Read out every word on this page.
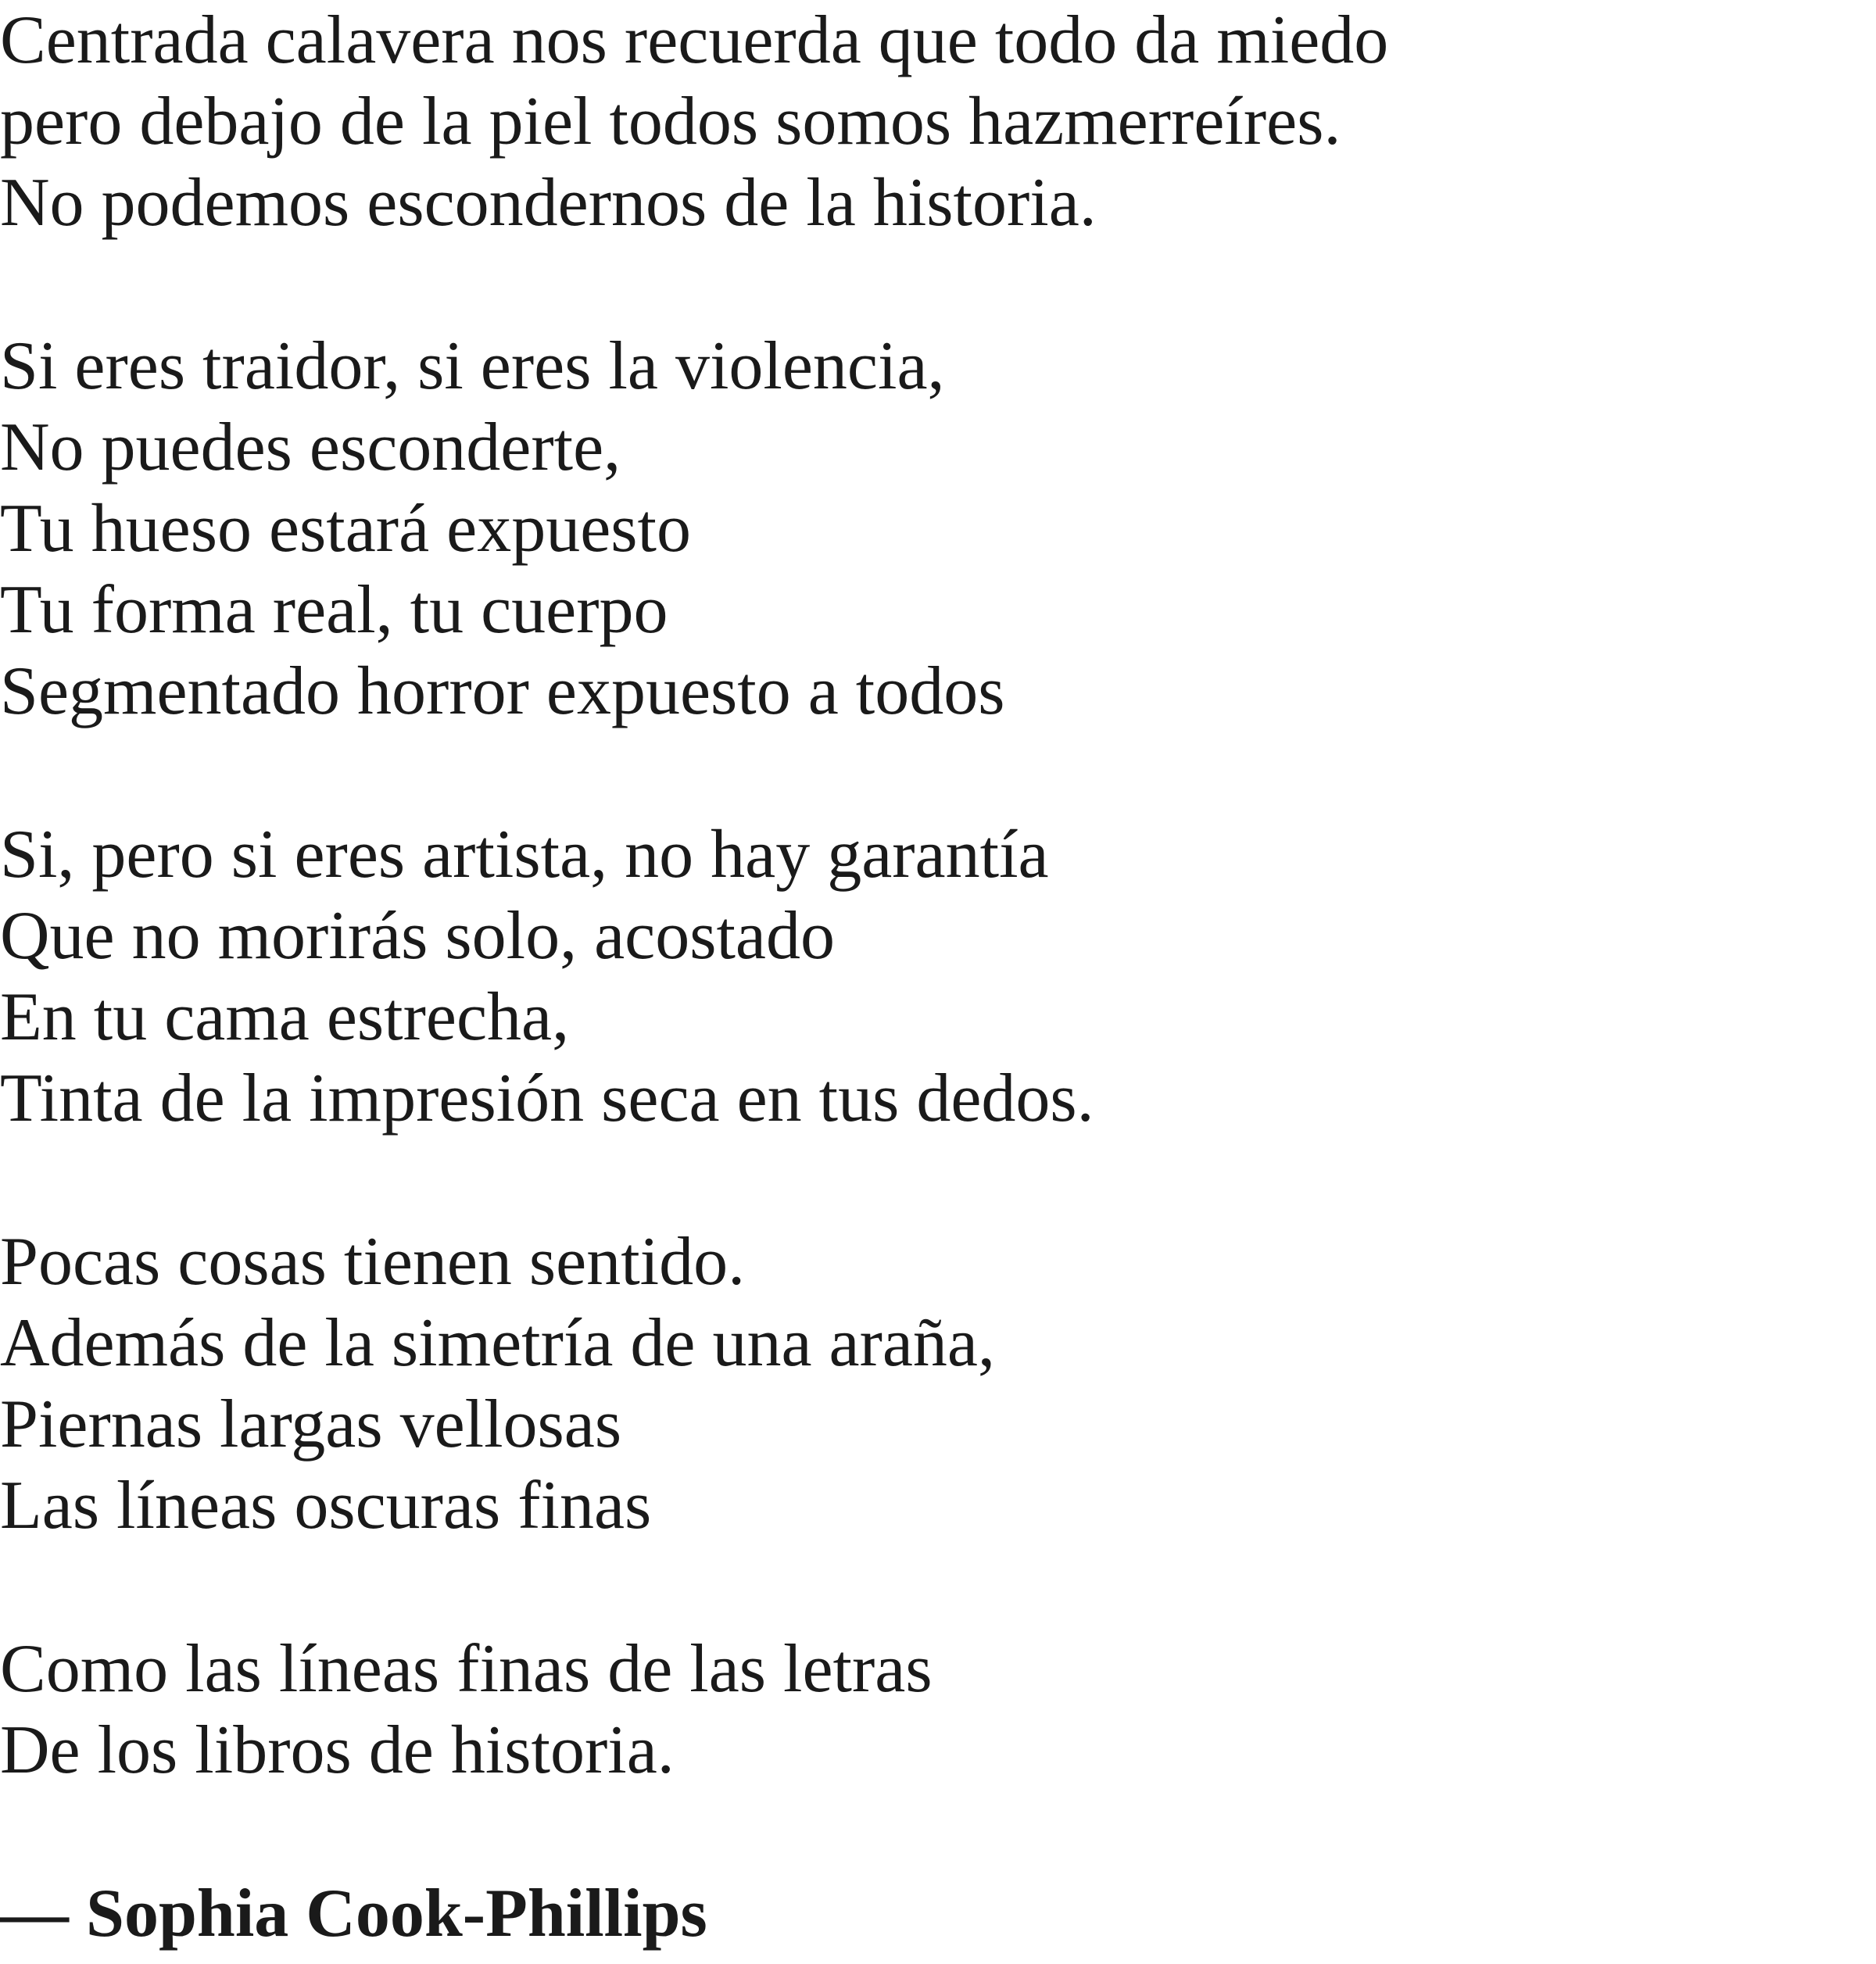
Centrada calavera nos recuerda que todo da miedo
pero debajo de la piel todos somos hazmerreíres.
No podemos escondernos de la historia.
Si eres traidor, si eres la violencia,
No puedes esconderte,
Tu hueso estará expuesto
Tu forma real, tu cuerpo
Segmentado horror expuesto a todos
Si, pero si eres artista, no hay garantía
Que no morirás solo, acostado
En tu cama estrecha,
Tinta de la impresión seca en tus dedos.
Pocas cosas tienen sentido.
Además de la simetría de una araña,
Piernas largas vellosas
Las líneas oscuras finas
Como las líneas finas de las letras
De los libros de historia.
— Sophia Cook-Phillips
